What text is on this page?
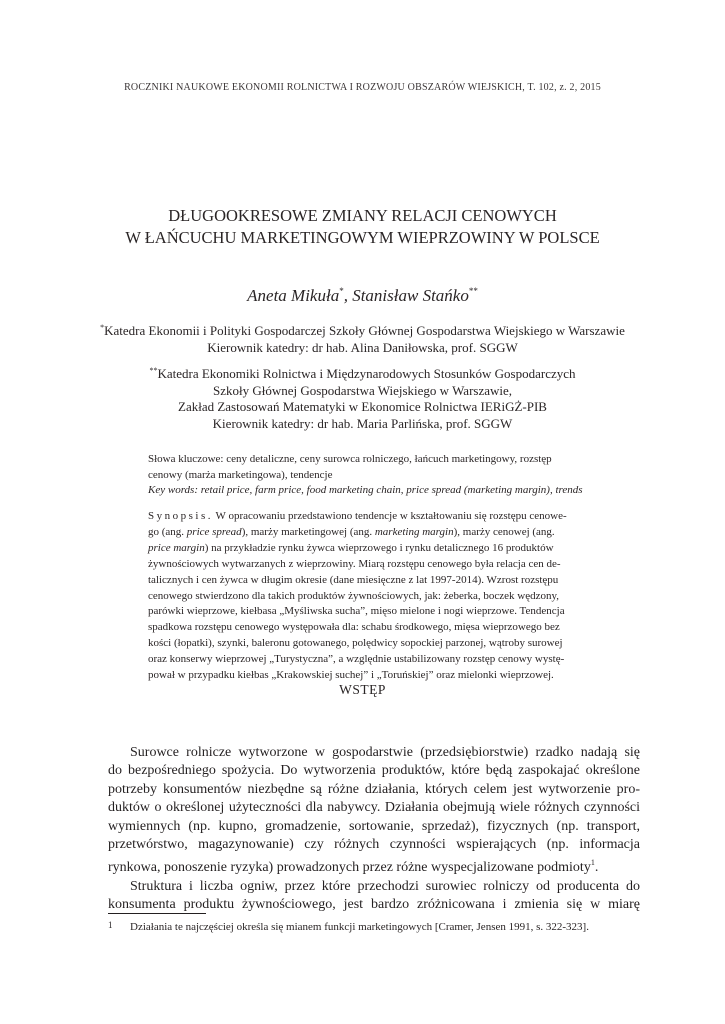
ROCZNIKI NAUKOWE EKONOMII ROLNICTWA I ROZWOJU OBSZARÓW WIEJSKICH, T. 102, z. 2, 2015
DŁUGOOKRESOWE ZMIANY RELACJI CENOWYCH
W ŁAŃCUCHU MARKETINGOWYM WIEPRZOWINY W POLSCE
Aneta Mikuła*, Stanisław Stańko**
*Katedra Ekonomii i Polityki Gospodarczej Szkoły Głównej Gospodarstwa Wiejskiego w Warszawie
Kierownik katedry: dr hab. Alina Daniłowska, prof. SGGW
**Katedra Ekonomiki Rolnictwa i Międzynarodowych Stosunków Gospodarczych
Szkoły Głównej Gospodarstwa Wiejskiego w Warszawie,
Zakład Zastosowań Matematyki w Ekonomice Rolnictwa IERiGŻ-PIB
Kierownik katedry: dr hab. Maria Parlińska, prof. SGGW
Słowa kluczowe: ceny detaliczne, ceny surowca rolniczego, łańcuch marketingowy, rozstęp
cenowy (marża marketingowa), tendencje
Key words: retail price, farm price, food marketing chain, price spread (marketing margin), trends
Synopsis. W opracowaniu przedstawiono tendencje w kształtowaniu się rozstępu cenowe-
go (ang. price spread), marży marketingowej (ang. marketing margin), marży cenowej (ang.
price margin) na przykładzie rynku żywca wieprzowego i rynku detalicznego 16 produktów
żywnościowych wytwarzanych z wieprzowiny. Miarą rozstępu cenowego była relacja cen de-
talicznych i cen żywca w długim okresie (dane miesięczne z lat 1997-2014). Wzrost rozstępu
cenowego stwierdzono dla takich produktów żywnościowych, jak: żeberka, boczek wędzony,
parówki wieprzowe, kiełbasa „Myśliwska sucha”, mięso mielone i nogi wieprzowe. Tendencja
spadkowa rozstępu cenowego występowała dla: schabu środkowego, mięsa wieprzowego bez
kości (łopatki), szynki, baleronu gotowanego, polędwicy sopockiej parzonej, wątroby surowej
oraz konserwy wieprzowej „Turystyczna”, a względnie ustabilizowany rozstęp cenowy wystę-
pował w przypadku kiełbas „Krakowskiej suchej” i „Toruńskiej” oraz mielonki wieprzowej.
WSTĘP
Surowce rolnicze wytworzone w gospodarstwie (przedsiębiorstwie) rzadko nadają się
do bezpośredniego spożycia. Do wytworzenia produktów, które będą zaspokajać określone
potrzeby konsumentów niezbędne są różne działania, których celem jest wytworzenie pro-
duktów o określonej użyteczności dla nabywcy. Działania obejmują wiele różnych czynności
wymiennych (np. kupno, gromadzenie, sortowanie, sprzedaż), fizycznych (np. transport,
przetwórstwo, magazynowanie) czy różnych czynności wspierających (np. informacja
rynkowa, ponoszenie ryzyka) prowadzonych przez różne wyspecjalizowane podmioty$^1$.
Struktura i liczba ogniw, przez które przechodzi surowiec rolniczy od producenta do
konsumenta produktu żywnościowego, jest bardzo zróżnicowana i zmienia się w miarę
1 Działania te najczęściej określa się mianem funkcji marketingowych [Cramer, Jensen 1991, s. 322-323].
